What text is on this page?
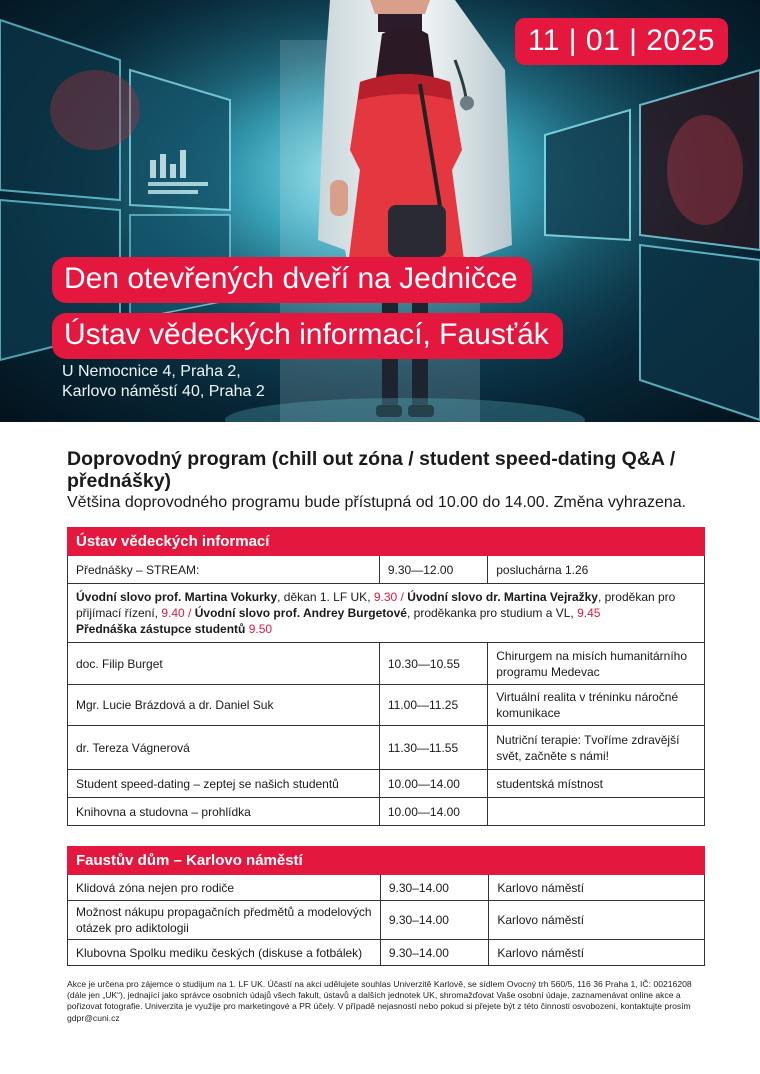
11 | 01 | 2025
Den otevřených dveří na Jedničce
Ústav vědeckých informací, Fausťák
U Nemocnice 4, Praha 2,
Karlovo náměstí 40, Praha 2
Doprovodný program (chill out zóna / student speed-dating Q&A / přednášky)

Většina doprovodného programu bude přístupná od 10.00 do 14.00. Změna vyhrazena.

Ústav vědeckých informací		
Přednášky – STREAM:	9.30—12.00	posluchárna 1.26
Úvodní slovo prof. Martina Vokurky, děkan 1. LF UK, 9.30 / Úvodní slovo dr. Martina Vejražky, proděkan pro přijímací řízení, 9.40 / Úvodní slovo prof. Andrey Burgetové, proděkanka pro studium a VL, 9.45
Přednáška zástupce studentů 9.50		
doc. Filip Burget	10.30—10.55	Chirurgem na misích humanitárního programu Medevac
Mgr. Lucie Brázdová a dr. Daniel Suk	11.00—11.25	Virtuální realita v tréninku náročné komunikace
dr. Tereza Vágnerová	11.30—11.55	Nutriční terapie: Tvoříme zdravější svět, začněte s námi!
Student speed-dating – zeptej se našich studentů	10.00—14.00	studentská místnost
Knihovna a studovna – prohlídka	10.00—14.00	
Faustův dům – Karlovo náměstí		
Klidová zóna nejen pro rodiče	9.30–14.00	Karlovo náměstí
Možnost nákupu propagačních předmětů a modelových otázek pro adiktologii	9.30–14.00	Karlovo náměstí
Klubovna Spolku mediku českých (diskuse a fotbálek)	9.30–14.00	Karlovo náměstí

Akce je určena pro zájemce o studijum na 1. LF UK. Účastí na akci udělujete souhlas Univerzitě Karlově, se sídlem Ovocný trh 560/5, 116 36 Praha 1, IČ: 00216208 (dále jen „UK“), jednající jako správce osobních údajů všech fakult, ústavů a dalších jednotek UK, shromažďovat Vaše osobní údaje, zaznamenávat online akce a pořizovat fotografie. Univerzita je využije pro marketingové a PR účely. V případě nejasností nebo pokud si přejete být z této činnosti osvobozeni, kontaktujte prosím gdpr@cuni.cz
